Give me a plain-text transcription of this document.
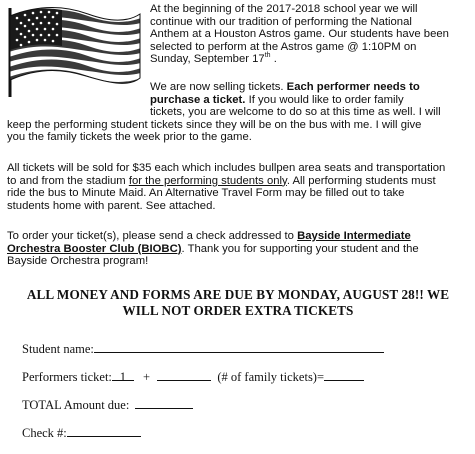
At the beginning of the 2017-2018 school year we will
continue with our tradition of performing the National
Anthem at a Houston Astros game. Our students have been
selected to perform at the Astros game @ 1:10PM on
Sunday, September 17th .
We are now selling tickets. Each performer needs to
purchase a ticket. If you would like to order family
tickets, you are welcome to do so at this time as well. I will
keep the performing student tickets since they will be on the bus with me. I will give
you the family tickets the week prior to the game.
All tickets will be sold for $35 each which includes bullpen area seats and transportation
to and from the stadium for the performing students only. All performing students must
ride the bus to Minute Maid. An Alternative Travel Form may be filled out to take
students home with parent. See attached.
To order your ticket(s), please send a check addressed to Bayside Intermediate
Orchestra Booster Club (BIOBC). Thank you for supporting your student and the
Bayside Orchestra program!
ALL MONEY AND FORMS ARE DUE BY MONDAY, AUGUST 28!! WE
WILL NOT ORDER EXTRA TICKETS
Student name:
Performers ticket: 1 +	(# of family tickets)=
TOTAL Amount due:
Check #:
